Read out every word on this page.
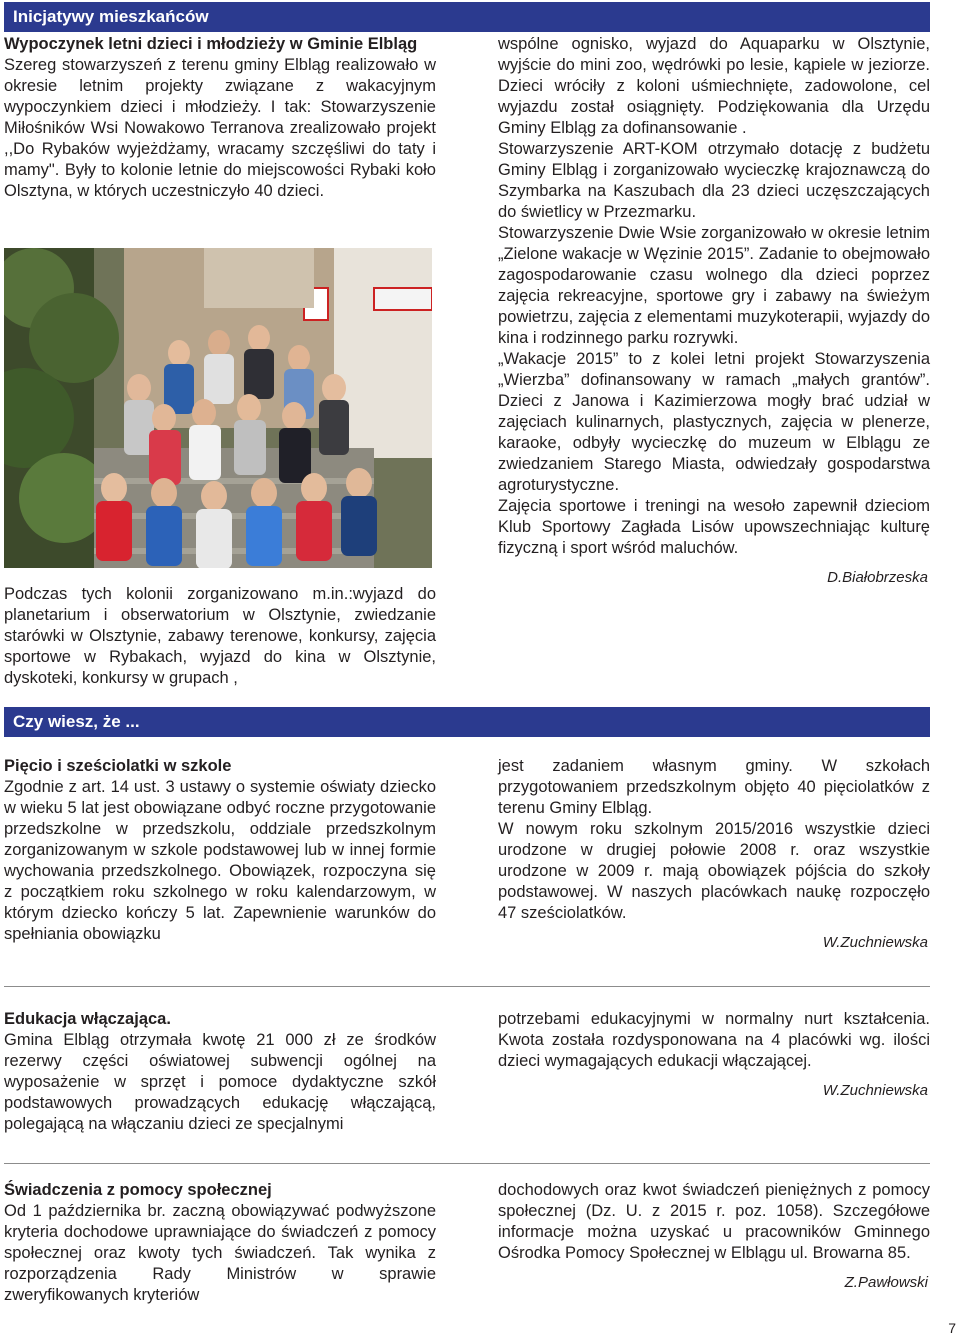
Inicjatywy mieszkańców

Wypoczynek letni dzieci i młodzieży w Gminie Elbląg

Szereg stowarzyszeń z terenu gminy Elbląg realizowało w okresie letnim projekty związane z wakacyjnym wypoczynkiem dzieci i młodzieży. I tak: Stowarzyszenie Miłośników Wsi Nowakowo Terranova zrealizowało projekt ,,Do Rybaków wyjeżdżamy, wracamy szczęśliwi do taty i mamy". Były to kolonie letnie do miejscowości Rybaki koło Olsztyna, w których uczestniczyło 40 dzieci.

Podczas tych kolonii zorganizowano m.in.:wyjazd do planetarium i obserwatorium w Olsztynie, zwiedzanie starówki w Olsztynie, zabawy terenowe, konkursy, zajęcia sportowe w Rybakach, wyjazd do kina w Olsztynie, dyskoteki, konkursy w grupach ,

wspólne ognisko, wyjazd do Aquaparku w Olsztynie, wyjście do mini zoo, wędrówki po lesie, kąpiele w jeziorze. Dzieci wróciły z koloni uśmiechnięte, zadowolone, cel wyjazdu został osiągnięty. Podziękowania dla Urzędu Gminy Elbląg za dofinansowanie .

Stowarzyszenie ART-KOM otrzymało dotację z budżetu Gminy Elbląg i zorganizowało wycieczkę krajoznawczą do Szymbarka na Kaszubach dla 23 dzieci uczęszczających do świetlicy w Przezmarku.

Stowarzyszenie Dwie Wsie zorganizowało w okresie letnim „Zielone wakacje w Węzinie 2015”. Zadanie to obejmowało zagospodarowanie czasu wolnego dla dzieci poprzez zajęcia rekreacyjne, sportowe gry i zabawy na świeżym powietrzu, zajęcia z elementami muzykoterapii, wyjazdy do kina i rodzinnego parku rozrywki.

„Wakacje 2015” to z kolei letni projekt Stowarzyszenia „Wierzba” dofinansowany w ramach „małych grantów”. Dzieci z Janowa i Kazimierzowa mogły brać udział w zajęciach kulinarnych, plastycznych, zajęcia w plenerze, karaoke, odbyły wycieczkę do muzeum w Elblągu ze zwiedzaniem Starego Miasta, odwiedzały gospodarstwa agroturystyczne.

Zajęcia sportowe i treningi na wesoło zapewnił dzieciom Klub Sportowy Zagłada Lisów upowszechniając kulturę fizyczną i sport wśród maluchów.

D.Białobrzeska

Czy wiesz, że ...

Pięcio i sześciolatki w szkole

Zgodnie z art. 14 ust. 3 ustawy o systemie oświaty dziecko w wieku 5 lat jest obowiązane odbyć roczne przygotowanie przedszkolne w przedszkolu, oddziale przedszkolnym zorganizowanym w szkole podstawowej lub w innej formie wychowania przedszkolnego. Obowiązek, rozpoczyna się z początkiem roku szkolnego w roku kalendarzowym, w którym dziecko kończy 5 lat. Zapewnienie warunków do spełniania obowiązku

jest zadaniem własnym gminy. W szkołach przygotowaniem przedszkolnym objęto 40 pięciolatków z terenu Gminy Elbląg.

W nowym roku szkolnym 2015/2016 wszystkie dzieci urodzone w drugiej połowie 2008 r. oraz wszystkie urodzone w 2009 r. mają obowiązek pójścia do szkoły podstawowej. W naszych placówkach naukę rozpoczęło 47 sześciolatków.

W.Zuchniewska

Edukacja włączająca.

Gmina Elbląg otrzymała kwotę 21 000 zł ze środków rezerwy części oświatowej subwencji ogólnej na wyposażenie w sprzęt i pomoce dydaktyczne szkół podstawowych prowadzących edukację włączającą, polegającą na włączaniu dzieci ze specjalnymi

potrzebami edukacyjnymi w normalny nurt kształcenia. Kwota została rozdysponowana na 4 placówki wg. ilości dzieci wymagających edukacji włączającej.

W.Zuchniewska

Świadczenia z pomocy społecznej

Od 1 października br. zaczną obowiązywać podwyższone kryteria dochodowe uprawniające do świadczeń z pomocy społecznej oraz kwoty tych świadczeń. Tak wynika z rozporządzenia Rady Ministrów w sprawie zweryfikowanych kryteriów

dochodowych oraz kwot świadczeń pieniężnych z pomocy społecznej (Dz. U. z 2015 r. poz. 1058). Szczegółowe informacje można uzyskać u pracowników Gminnego Ośrodka Pomocy Społecznej w Elblągu ul. Browarna 85.

Z.Pawłowski

7
